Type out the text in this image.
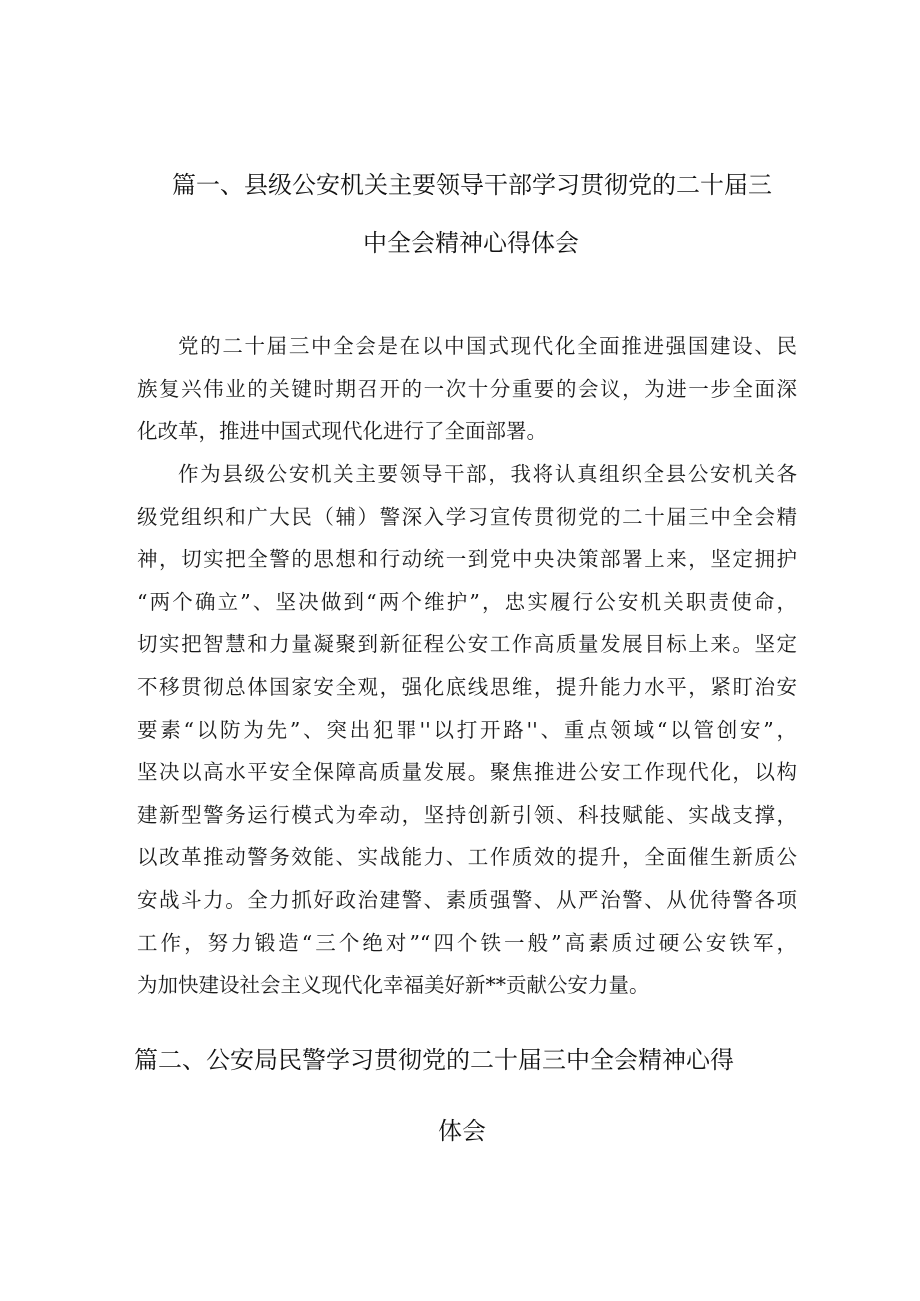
篇一、县级公安机关主要领导干部学习贯彻党的二十届三
中全会精神心得体会
党的二十届三中全会是在以中国式现代化全面推进强国建设、民
族复兴伟业的关键时期召开的一次十分重要的会议，为进一步全面深
化改革，推进中国式现代化进行了全面部署。
作为县级公安机关主要领导干部，我将认真组织全县公安机关各
级党组织和广大民（辅）警深入学习宣传贯彻党的二十届三中全会精
神，切实把全警的思想和行动统一到党中央决策部署上来，坚定拥护
“两个确立”、坚决做到“两个维护”，忠实履行公安机关职责使命，
切实把智慧和力量凝聚到新征程公安工作高质量发展目标上来。坚定
不移贯彻总体国家安全观，强化底线思维，提升能力水平，紧盯治安
要素“以防为先”、突出犯罪''以打开路''、重点领域“以管创安”，
坚决以高水平安全保障高质量发展。聚焦推进公安工作现代化，以构
建新型警务运行模式为牵动，坚持创新引领、科技赋能、实战支撑，
以改革推动警务效能、实战能力、工作质效的提升，全面催生新质公
安战斗力。全力抓好政治建警、素质强警、从严治警、从优待警各项
工作，努力锻造“三个绝对”“四个铁一般”高素质过硬公安铁军，
为加快建设社会主义现代化幸福美好新**贡献公安力量。
篇二、公安局民警学习贯彻党的二十届三中全会精神心得
体会
